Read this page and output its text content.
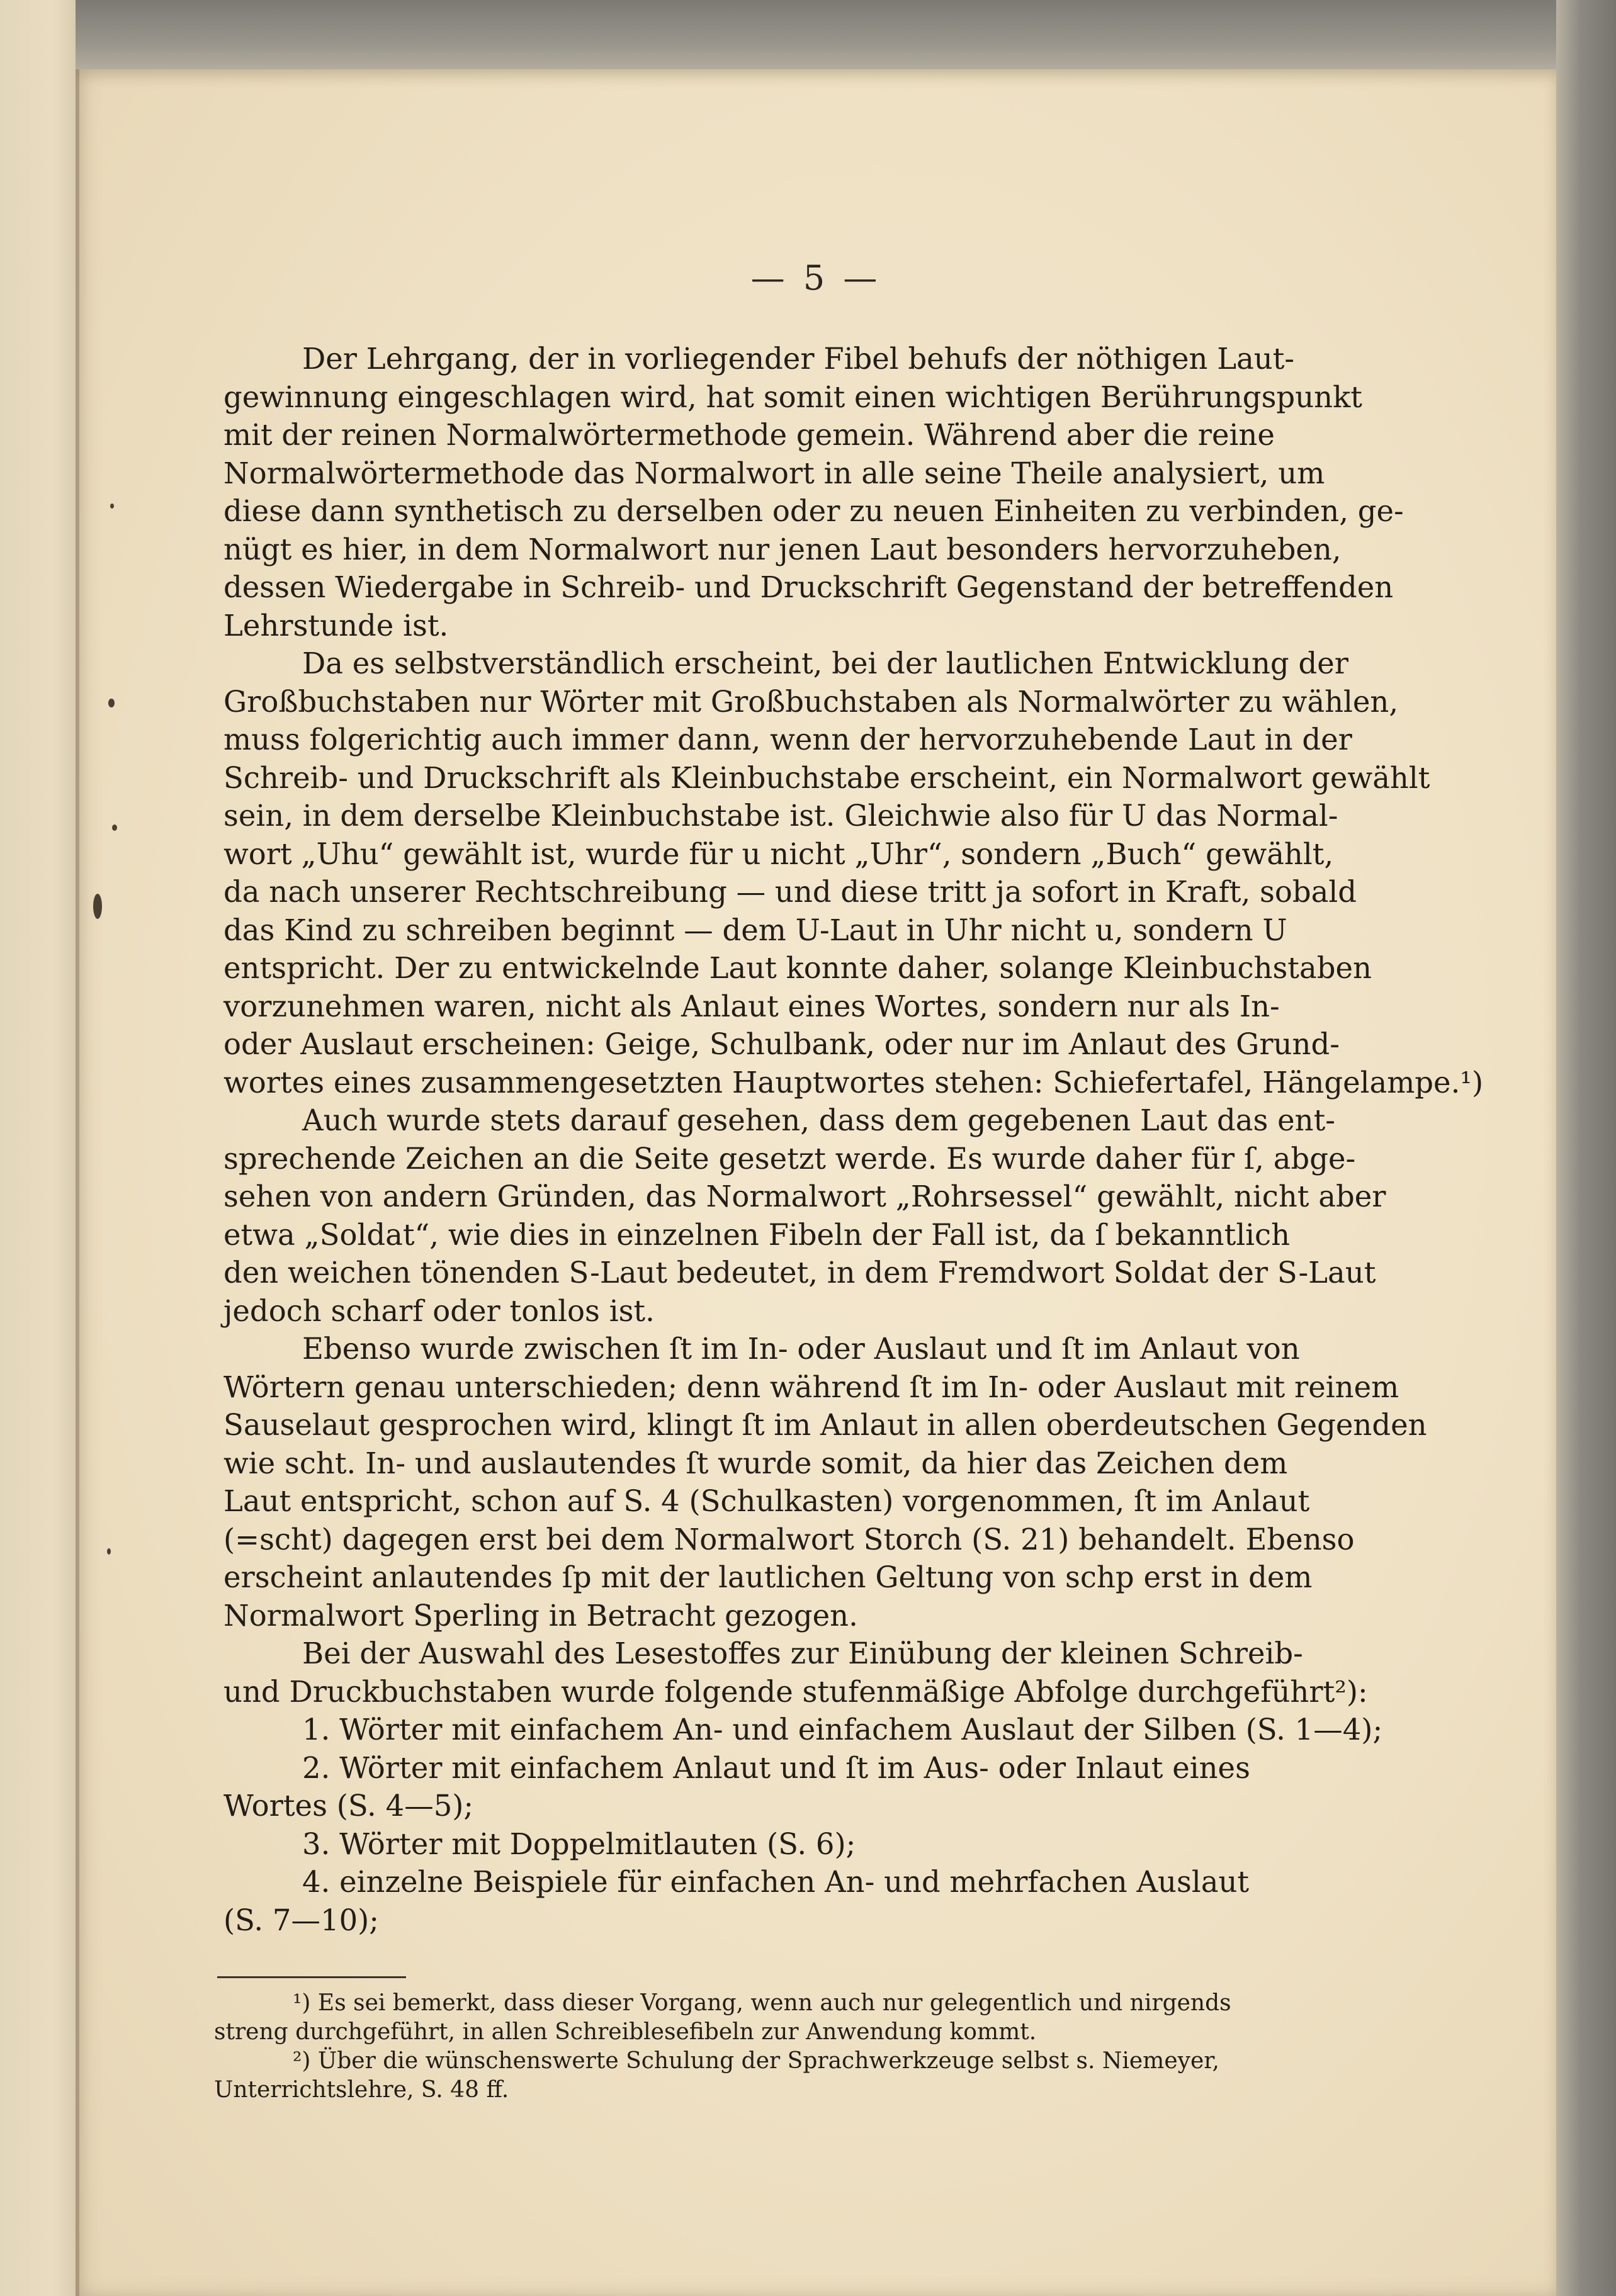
— 5 —
Der Lehrgang, der in vorliegender Fibel behufs der nöthigen Laut-
gewinnung eingeschlagen wird, hat somit einen wichtigen Berührungspunkt
mit der reinen Normalwörtermethode gemein. Während aber die reine
Normalwörtermethode das Normalwort in alle seine Theile analysiert, um
diese dann synthetisch zu derselben oder zu neuen Einheiten zu verbinden, ge-
nügt es hier, in dem Normalwort nur jenen Laut besonders hervorzuheben,
dessen Wiedergabe in Schreib- und Druckschrift Gegenstand der betreffenden
Lehrstunde ist.
Da es selbstverständlich erscheint, bei der lautlichen Entwicklung der
Großbuchstaben nur Wörter mit Großbuchstaben als Normalwörter zu wählen,
muss folgerichtig auch immer dann, wenn der hervorzuhebende Laut in der
Schreib- und Druckschrift als Kleinbuchstabe erscheint, ein Normalwort gewählt
sein, in dem derselbe Kleinbuchstabe ist. Gleichwie also für U das Normal-
wort „Uhu“ gewählt ist, wurde für u nicht „Uhr“, sondern „Buch“ gewählt,
da nach unserer Rechtschreibung — und diese tritt ja sofort in Kraft, sobald
das Kind zu schreiben beginnt — dem U-Laut in Uhr nicht u, sondern U
entspricht. Der zu entwickelnde Laut konnte daher, solange Kleinbuchstaben
vorzunehmen waren, nicht als Anlaut eines Wortes, sondern nur als In-
oder Auslaut erscheinen: Geige, Schulbank, oder nur im Anlaut des Grund-
wortes eines zusammengesetzten Hauptwortes stehen: Schiefertafel, Hängelampe.¹)
Auch wurde stets darauf gesehen, dass dem gegebenen Laut das ent-
sprechende Zeichen an die Seite gesetzt werde. Es wurde daher für ſ, abge-
sehen von andern Gründen, das Normalwort „Rohrsessel“ gewählt, nicht aber
etwa „Soldat“, wie dies in einzelnen Fibeln der Fall ist, da ſ bekanntlich
den weichen tönenden S-Laut bedeutet, in dem Fremdwort Soldat der S-Laut
jedoch scharf oder tonlos ist.
Ebenso wurde zwischen ſt im In- oder Auslaut und ſt im Anlaut von
Wörtern genau unterschieden; denn während ſt im In- oder Auslaut mit reinem
Sauselaut gesprochen wird, klingt ſt im Anlaut in allen oberdeutschen Gegenden
wie scht. In- und auslautendes ſt wurde somit, da hier das Zeichen dem
Laut entspricht, schon auf S. 4 (Schulkasten) vorgenommen, ſt im Anlaut
(=scht) dagegen erst bei dem Normalwort Storch (S. 21) behandelt. Ebenso
erscheint anlautendes ſp mit der lautlichen Geltung von schp erst in dem
Normalwort Sperling in Betracht gezogen.
Bei der Auswahl des Lesestoffes zur Einübung der kleinen Schreib-
und Druckbuchstaben wurde folgende stufenmäßige Abfolge durchgeführt²):
1. Wörter mit einfachem An- und einfachem Auslaut der Silben (S. 1—4);
2. Wörter mit einfachem Anlaut und ſt im Aus- oder Inlaut eines
Wortes (S. 4—5);
3. Wörter mit Doppelmitlauten (S. 6);
4. einzelne Beispiele für einfachen An- und mehrfachen Auslaut
(S. 7—10);
¹) Es sei bemerkt, dass dieser Vorgang, wenn auch nur gelegentlich und nirgends
streng durchgeführt, in allen Schreiblesefibeln zur Anwendung kommt.
²) Über die wünschenswerte Schulung der Sprachwerkzeuge selbst s. Niemeyer,
Unterrichtslehre, S. 48 ff.
